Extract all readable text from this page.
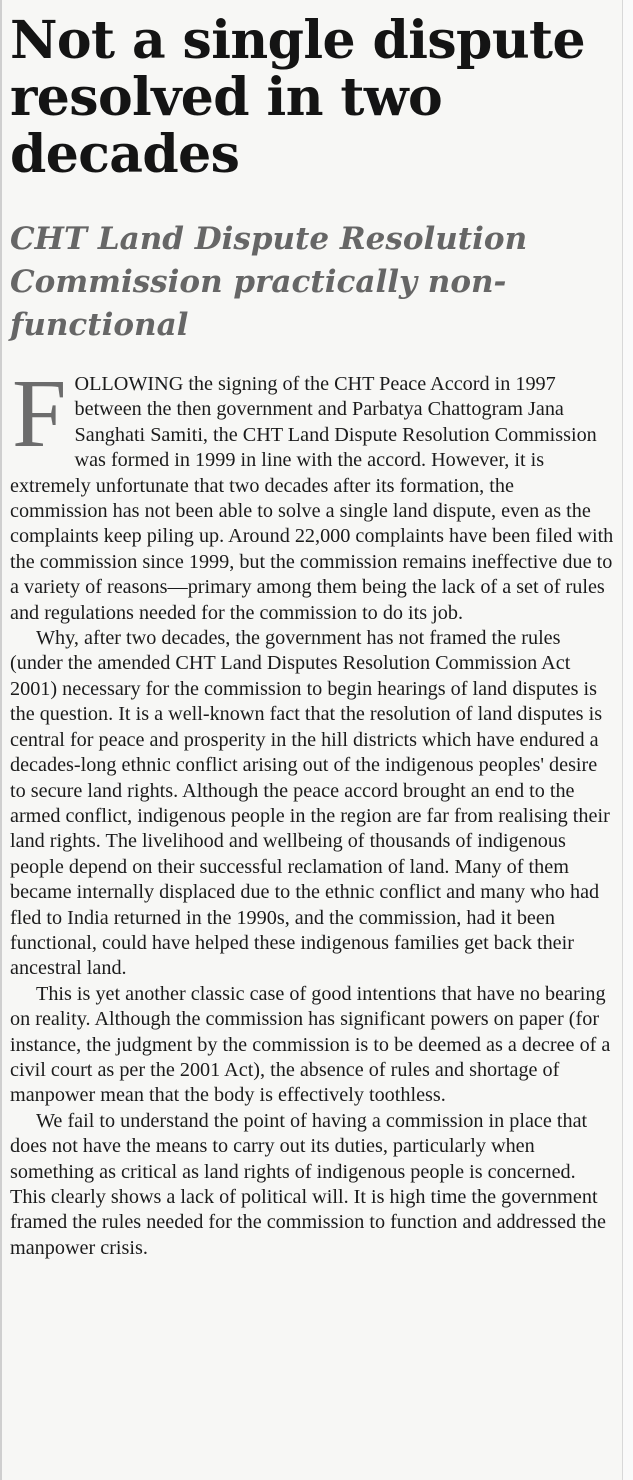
Not a single dispute resolved in two decades
CHT Land Dispute Resolution Commission practically non-functional

FOLLOWING the signing of the CHT Peace Accord in 1997 between the then government and Parbatya Chattogram Jana Sanghati Samiti, the CHT Land Dispute Resolution Commission was formed in 1999 in line with the accord. However, it is extremely unfortunate that two decades after its formation, the commission has not been able to solve a single land dispute, even as the complaints keep piling up. Around 22,000 complaints have been filed with the commission since 1999, but the commission remains ineffective due to a variety of reasons—primary among them being the lack of a set of rules and regulations needed for the commission to do its job.

Why, after two decades, the government has not framed the rules (under the amended CHT Land Disputes Resolution Commission Act 2001) necessary for the commission to begin hearings of land disputes is the question. It is a well-known fact that the resolution of land disputes is central for peace and prosperity in the hill districts which have endured a decades-long ethnic conflict arising out of the indigenous peoples' desire to secure land rights. Although the peace accord brought an end to the armed conflict, indigenous people in the region are far from realising their land rights. The livelihood and wellbeing of thousands of indigenous people depend on their successful reclamation of land. Many of them became internally displaced due to the ethnic conflict and many who had fled to India returned in the 1990s, and the commission, had it been functional, could have helped these indigenous families get back their ancestral land.

This is yet another classic case of good intentions that have no bearing on reality. Although the commission has significant powers on paper (for instance, the judgment by the commission is to be deemed as a decree of a civil court as per the 2001 Act), the absence of rules and shortage of manpower mean that the body is effectively toothless.

We fail to understand the point of having a commission in place that does not have the means to carry out its duties, particularly when something as critical as land rights of indigenous people is concerned. This clearly shows a lack of political will. It is high time the government framed the rules needed for the commission to function and addressed the manpower crisis.
